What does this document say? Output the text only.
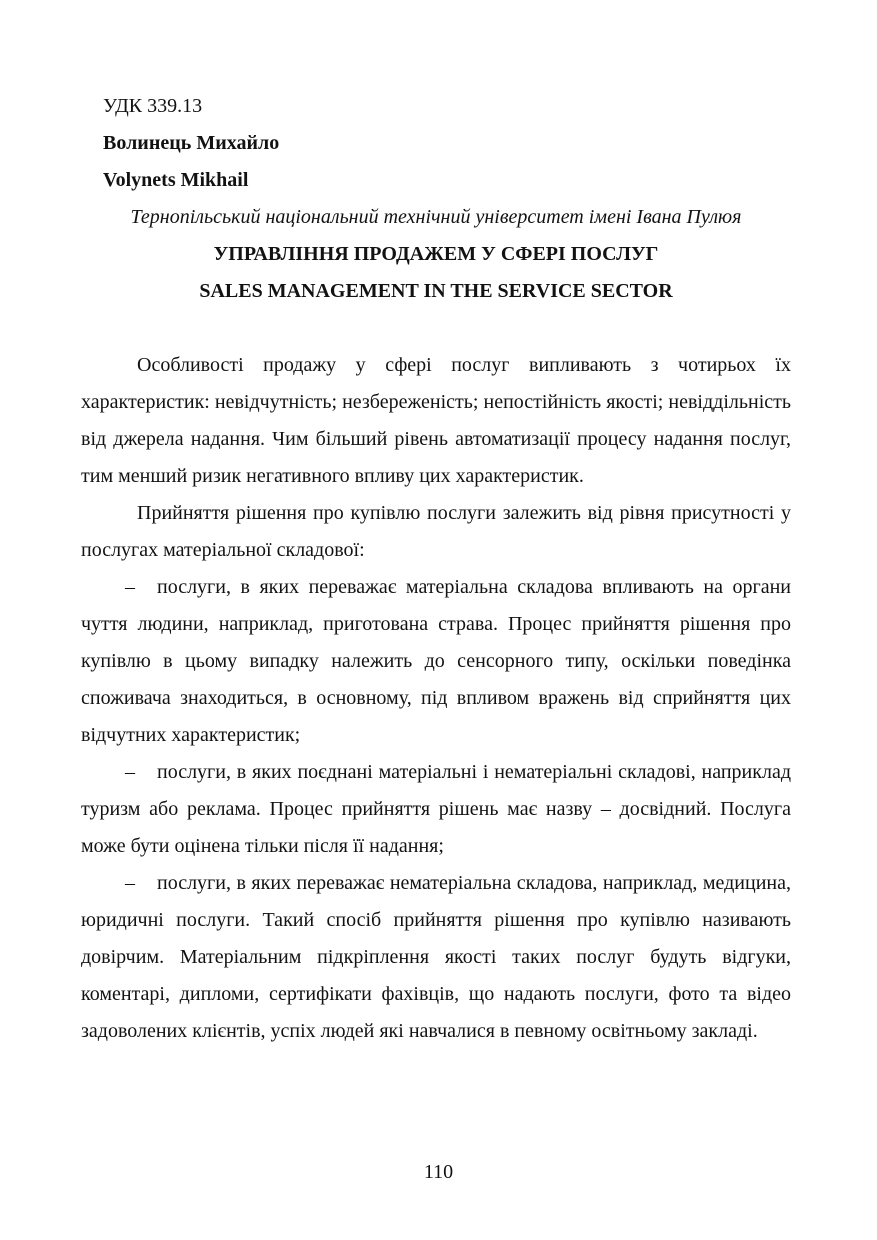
УДК 339.13

Волинець Михайло

Volynets Mikhail

Тернопільський національний технічний університет імені Івана Пулюя

УПРАВЛІННЯ ПРОДАЖЕМ У СФЕРІ ПОСЛУГ

SALES MANAGEMENT IN THE SERVICE SECTOR

Особливості продажу у сфері послуг випливають з чотирьох їх характеристик: невідчутність; незбереженість; непостійність якості; невіддільність від джерела надання. Чим більший рівень автоматизації процесу надання послуг, тим менший ризик негативного впливу цих характеристик.

Прийняття рішення про купівлю послуги залежить від рівня присутності у послугах матеріальної складової:

– послуги, в яких переважає матеріальна складова впливають на органи чуття людини, наприклад, приготована страва. Процес прийняття рішення про купівлю в цьому випадку належить до сенсорного типу, оскільки поведінка споживача знаходиться, в основному, під впливом вражень від сприйняття цих відчутних характеристик;

– послуги, в яких поєднані матеріальні і нематеріальні складові, наприклад туризм або реклама. Процес прийняття рішень має назву – досвідний. Послуга може бути оцінена тільки після її надання;

– послуги, в яких переважає нематеріальна складова, наприклад, медицина, юридичні послуги. Такий спосіб прийняття рішення про купівлю називають довірчим. Матеріальним підкріплення якості таких послуг будуть відгуки, коментарі, дипломи, сертифікати фахівців, що надають послуги, фото та відео задоволених клієнтів, успіх людей які навчалися в певному освітньому закладі.

110
